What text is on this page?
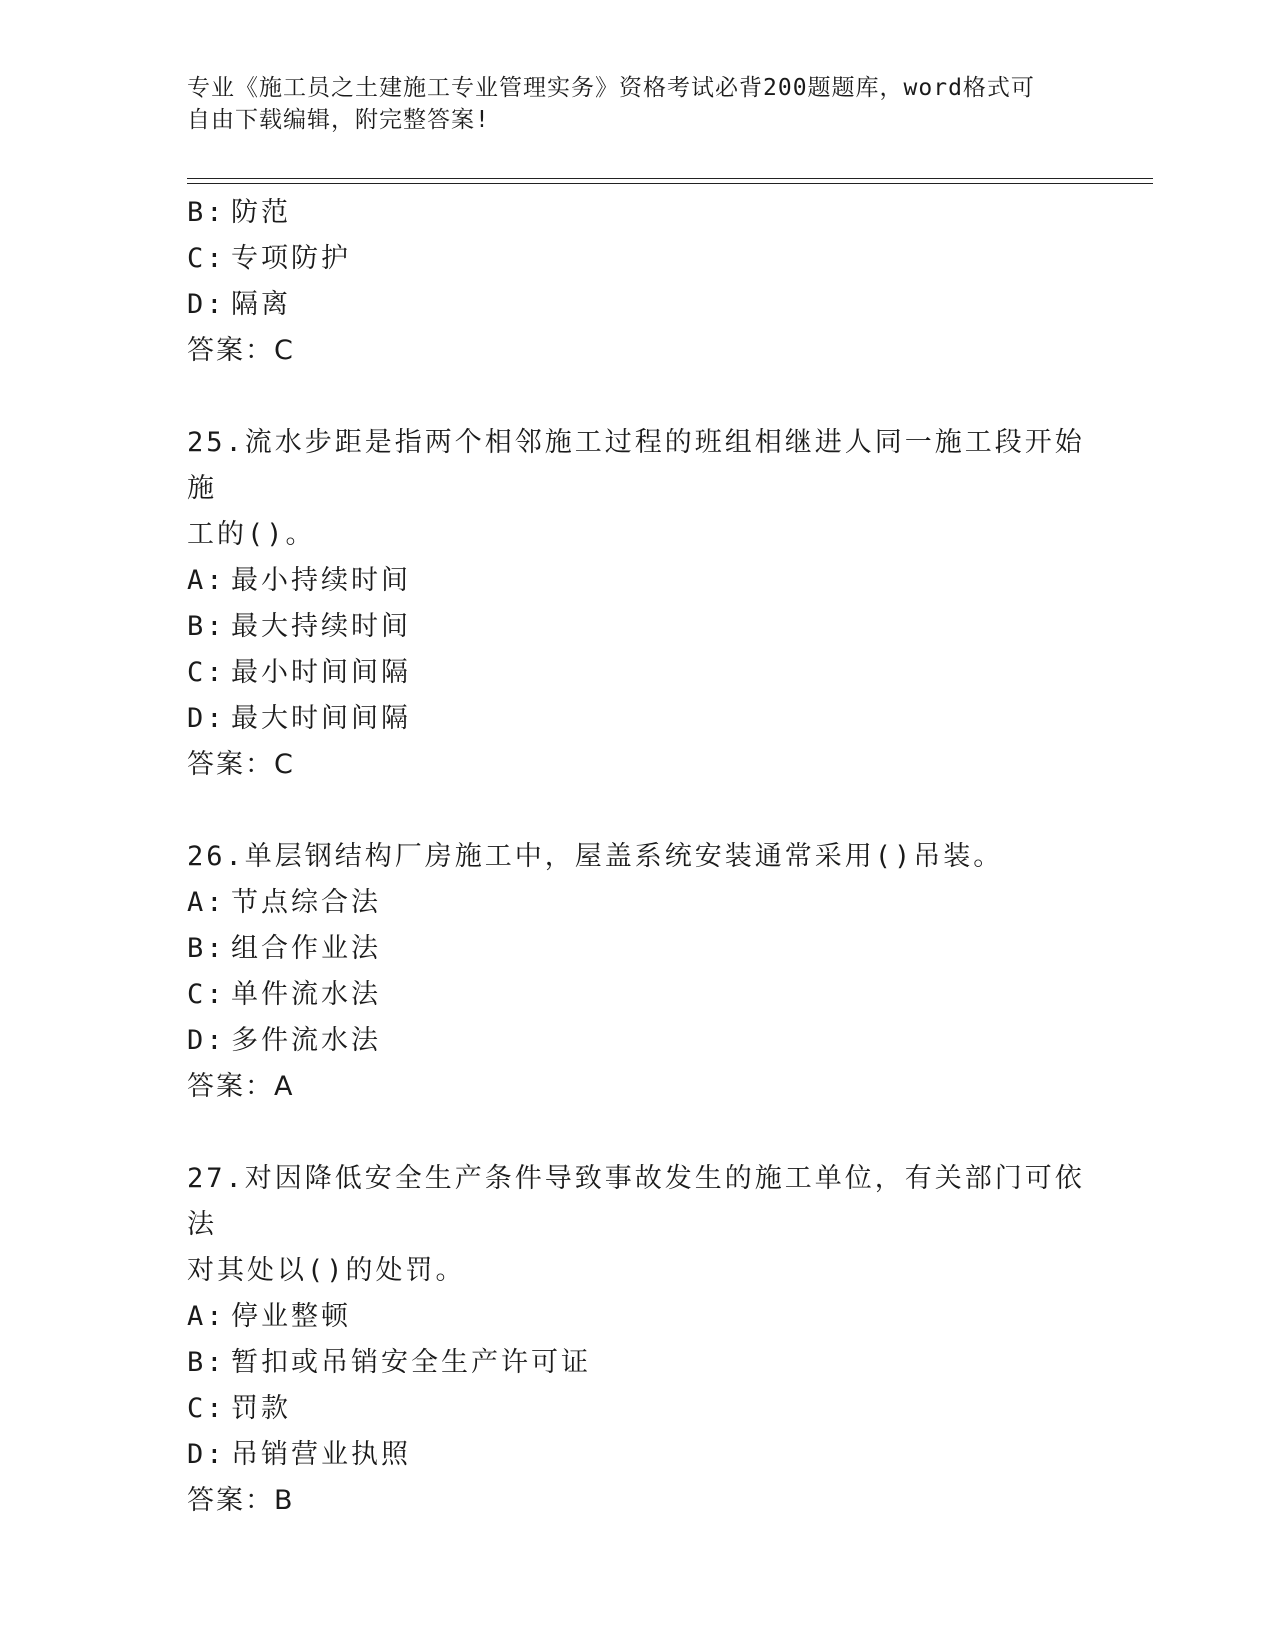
专业《施工员之土建施工专业管理实务》资格考试必背200题题库，word格式可
自由下载编辑，附完整答案!
B: 防范
C: 专项防护
D: 隔离
答案：C
25.流水步距是指两个相邻施工过程的班组相继进人同一施工段开始施
工的()。
A: 最小持续时间
B: 最大持续时间
C: 最小时间间隔
D: 最大时间间隔
答案：C
26.单层钢结构厂房施工中，屋盖系统安装通常采用()吊装。
A: 节点综合法
B: 组合作业法
C: 单件流水法
D: 多件流水法
答案：A
27.对因降低安全生产条件导致事故发生的施工单位，有关部门可依法
对其处以()的处罚。
A: 停业整顿
B: 暂扣或吊销安全生产许可证
C: 罚款
D: 吊销营业执照
答案：B
